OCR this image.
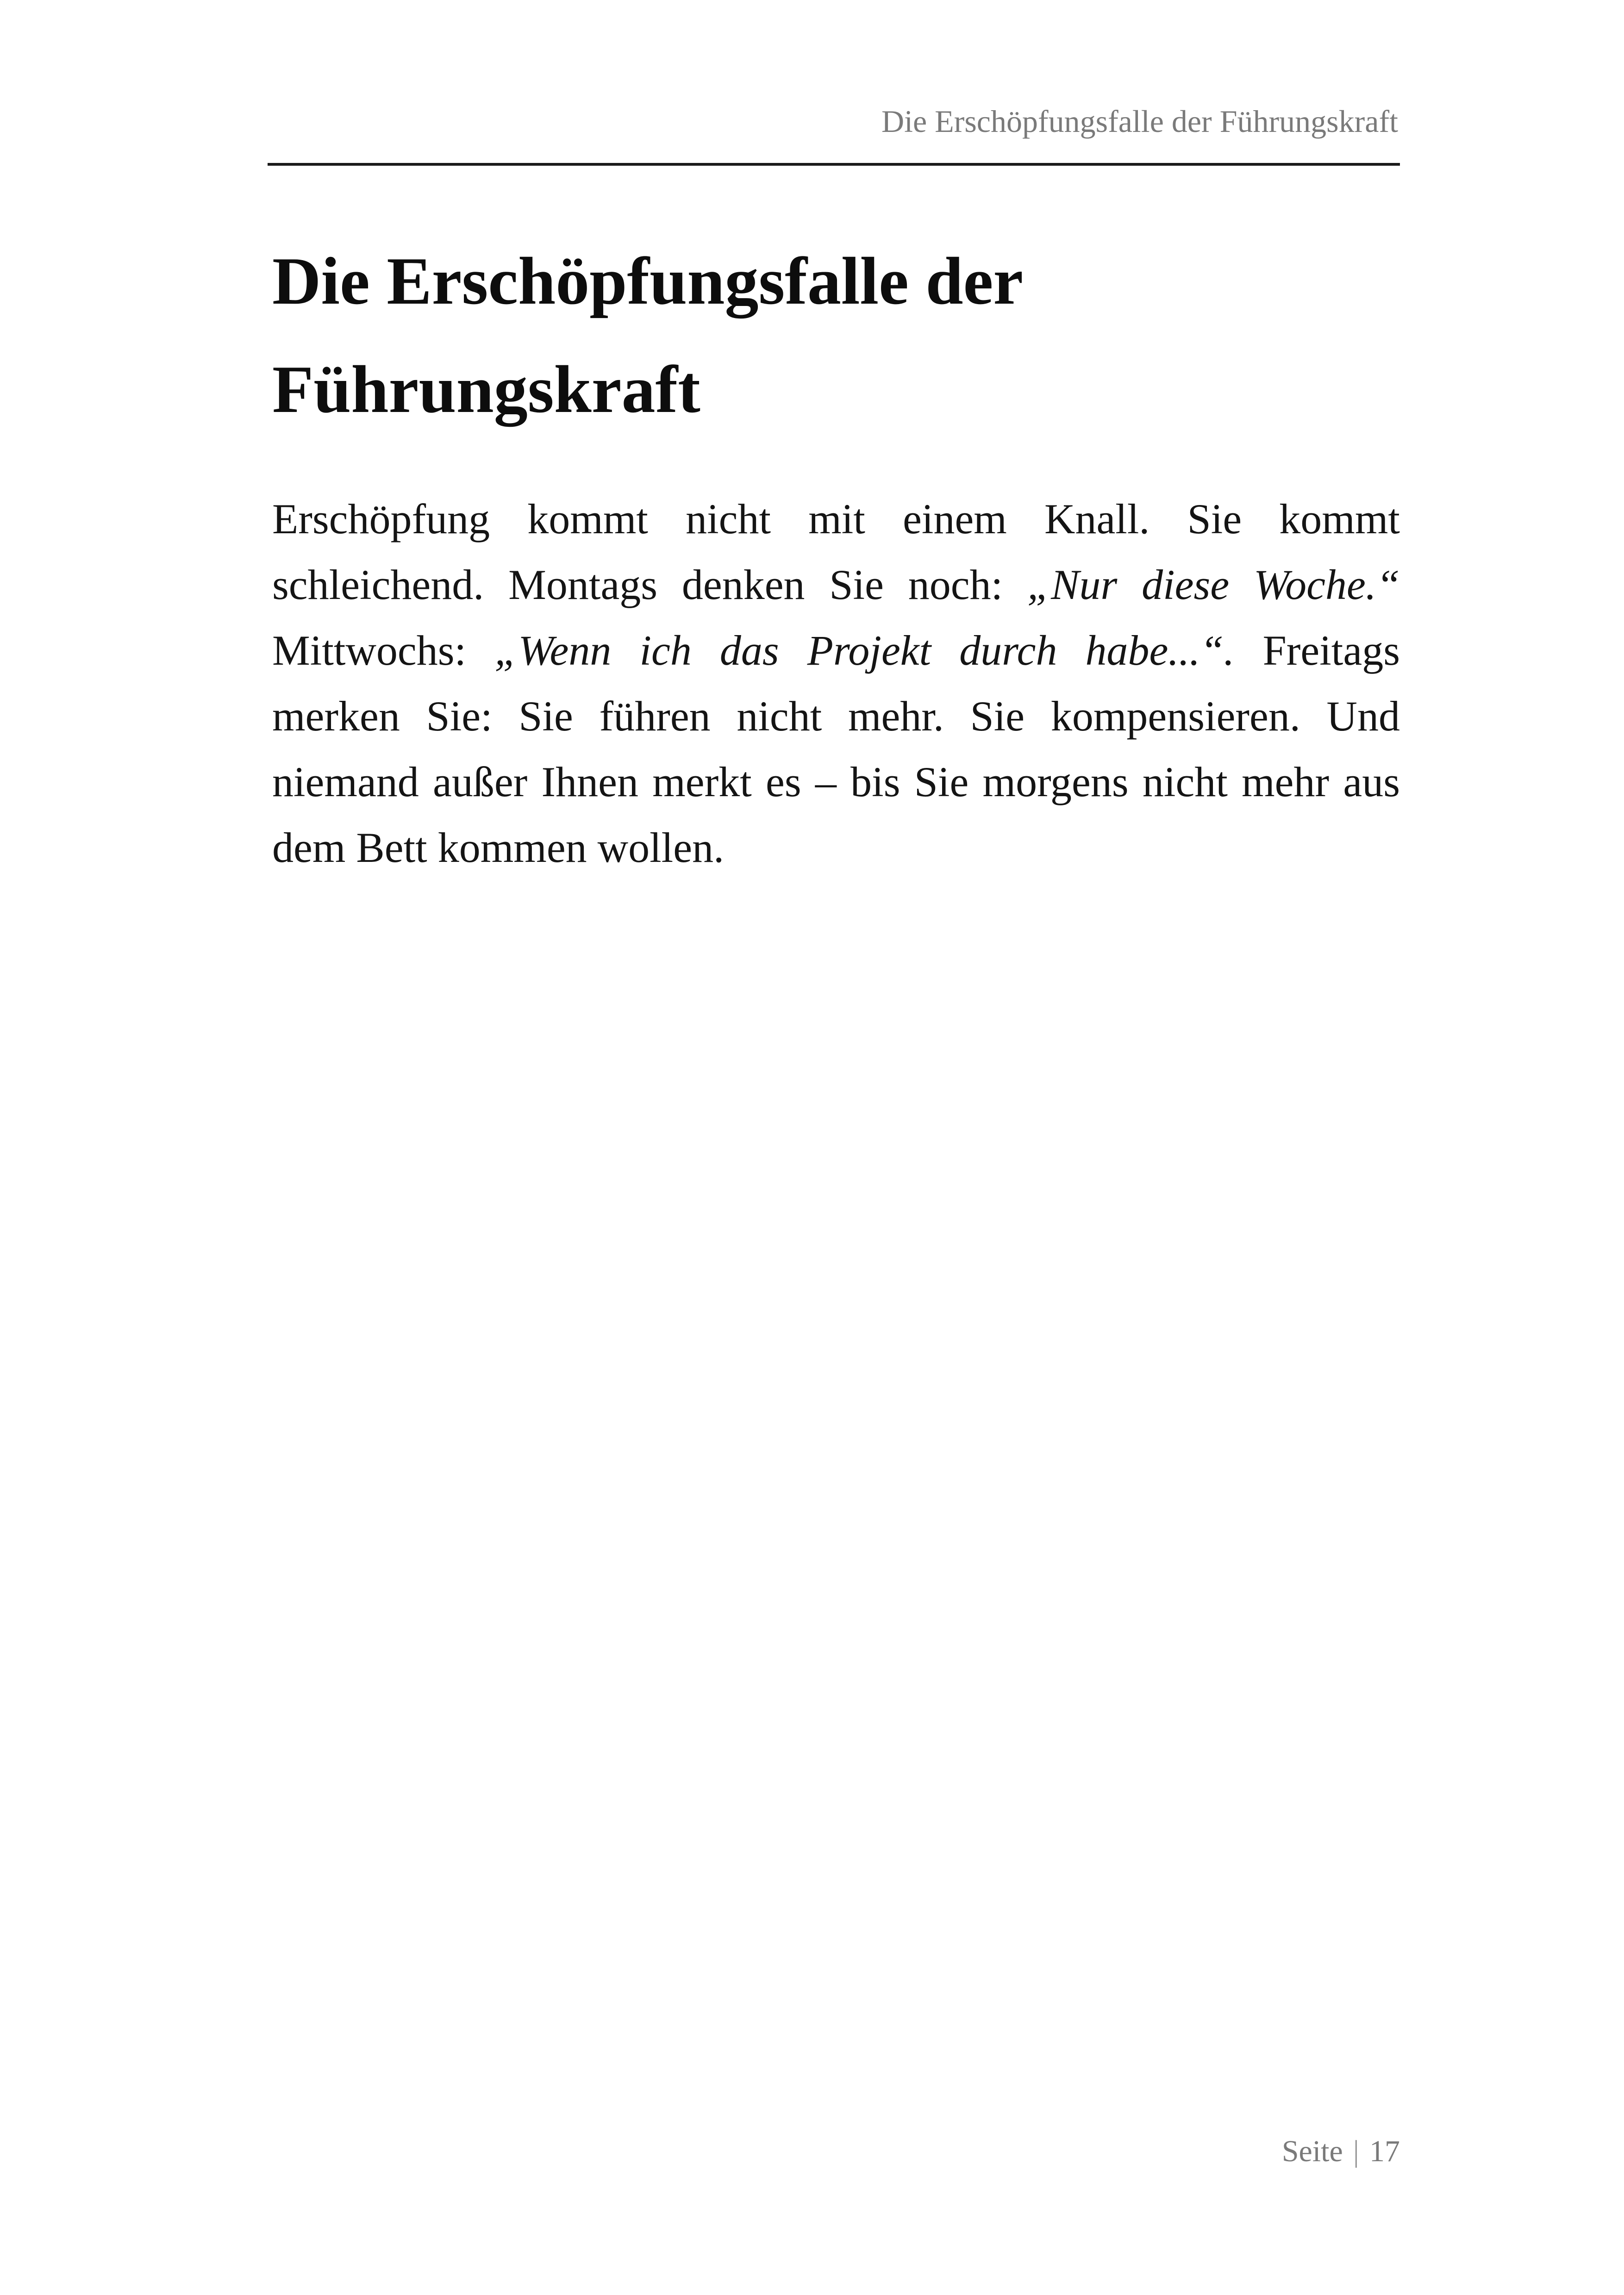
Die Erschöpfungsfalle der Führungskraft
Die Erschöpfungsfalle der
Führungskraft

Erschöpfung kommt nicht mit einem Knall. Sie kommt schleichend. Montags denken Sie noch: „Nur diese Woche.“ Mittwochs: „Wenn ich das Projekt durch habe...“. Freitags merken Sie: Sie führen nicht mehr. Sie kompensieren. Und niemand außer Ihnen merkt es – bis Sie morgens nicht mehr aus dem Bett kommen wollen.

Seite | 17
